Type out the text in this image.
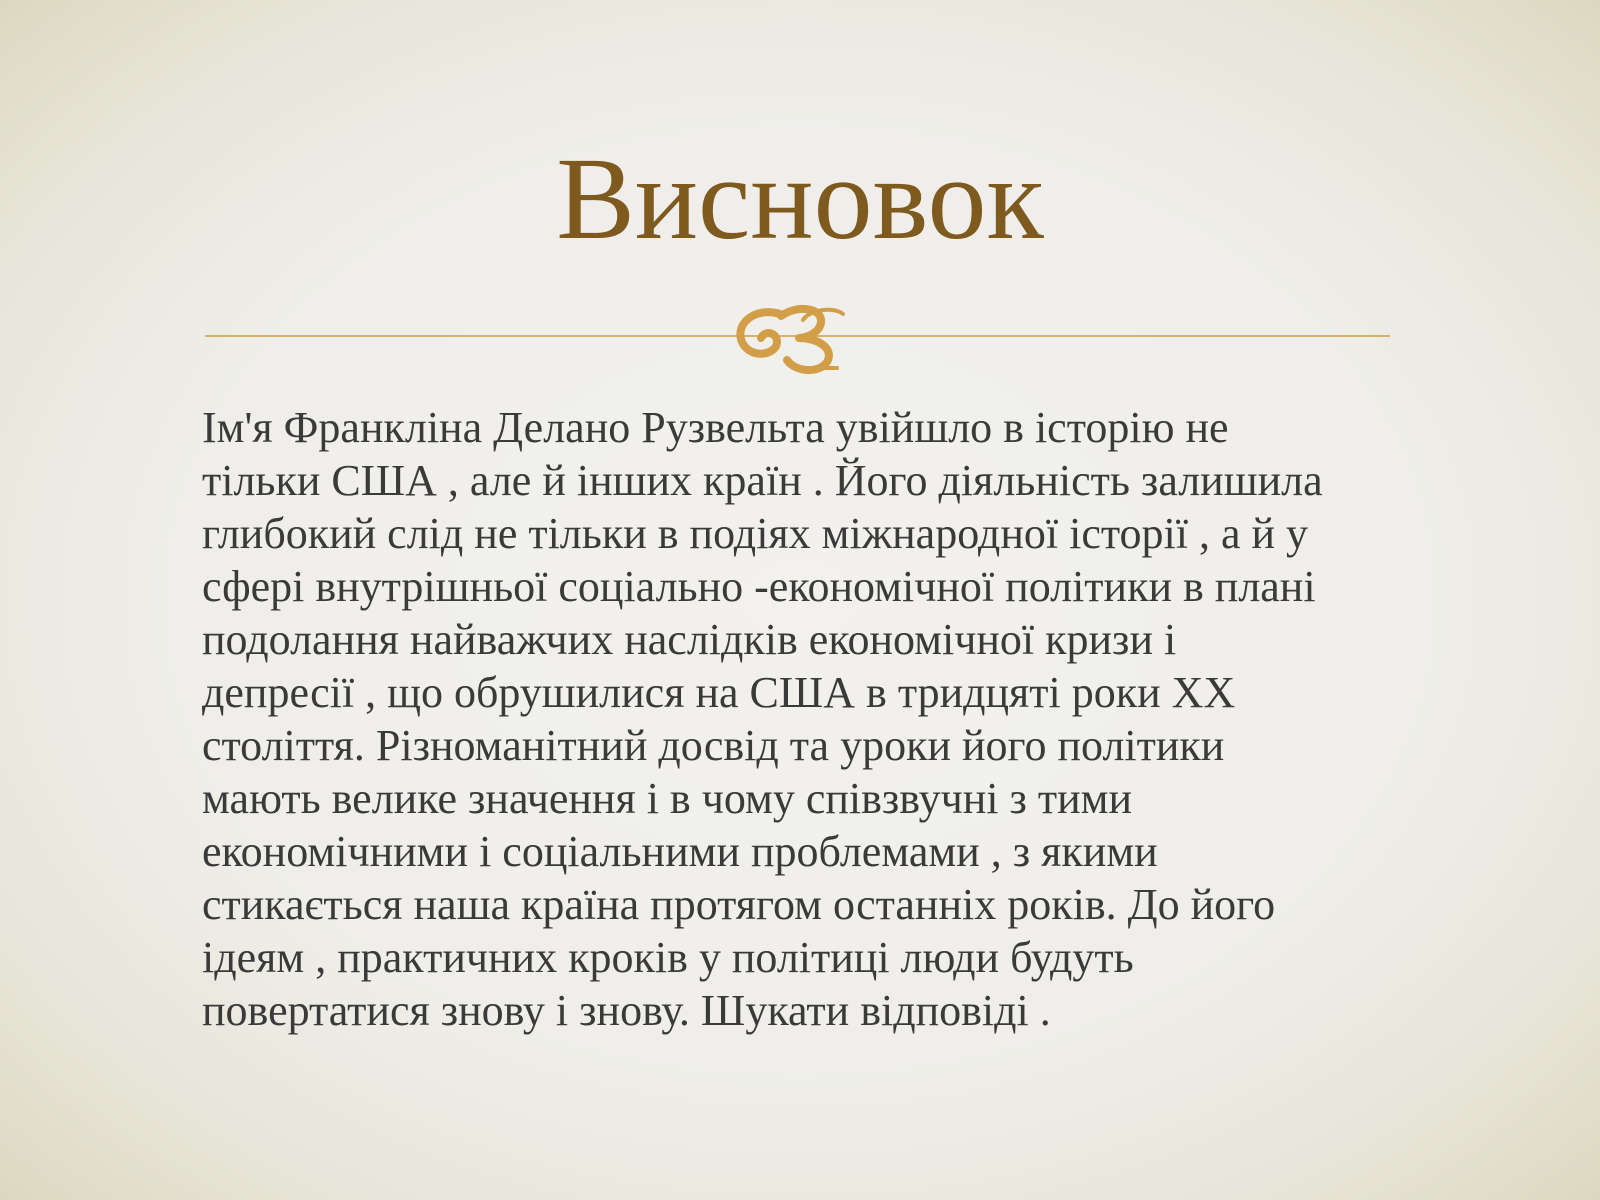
Висновок
Ім'я Франкліна Делано Рузвельта увійшло в історію не
тільки США , але й інших країн . Його діяльність залишила
глибокий слід не тільки в подіях міжнародної історії , а й у
сфері внутрішньої соціально -економічної політики в плані
подолання найважчих наслідків економічної кризи і
депресії , що обрушилися на США в тридцяті роки XX
століття. Різноманітний досвід та уроки його політики
мають велике значення і в чому співзвучні з тими
економічними і соціальними проблемами , з якими
стикається наша країна протягом останніх років. До його
ідеям , практичних кроків у політиці люди будуть
повертатися знову і знову. Шукати відповіді .
